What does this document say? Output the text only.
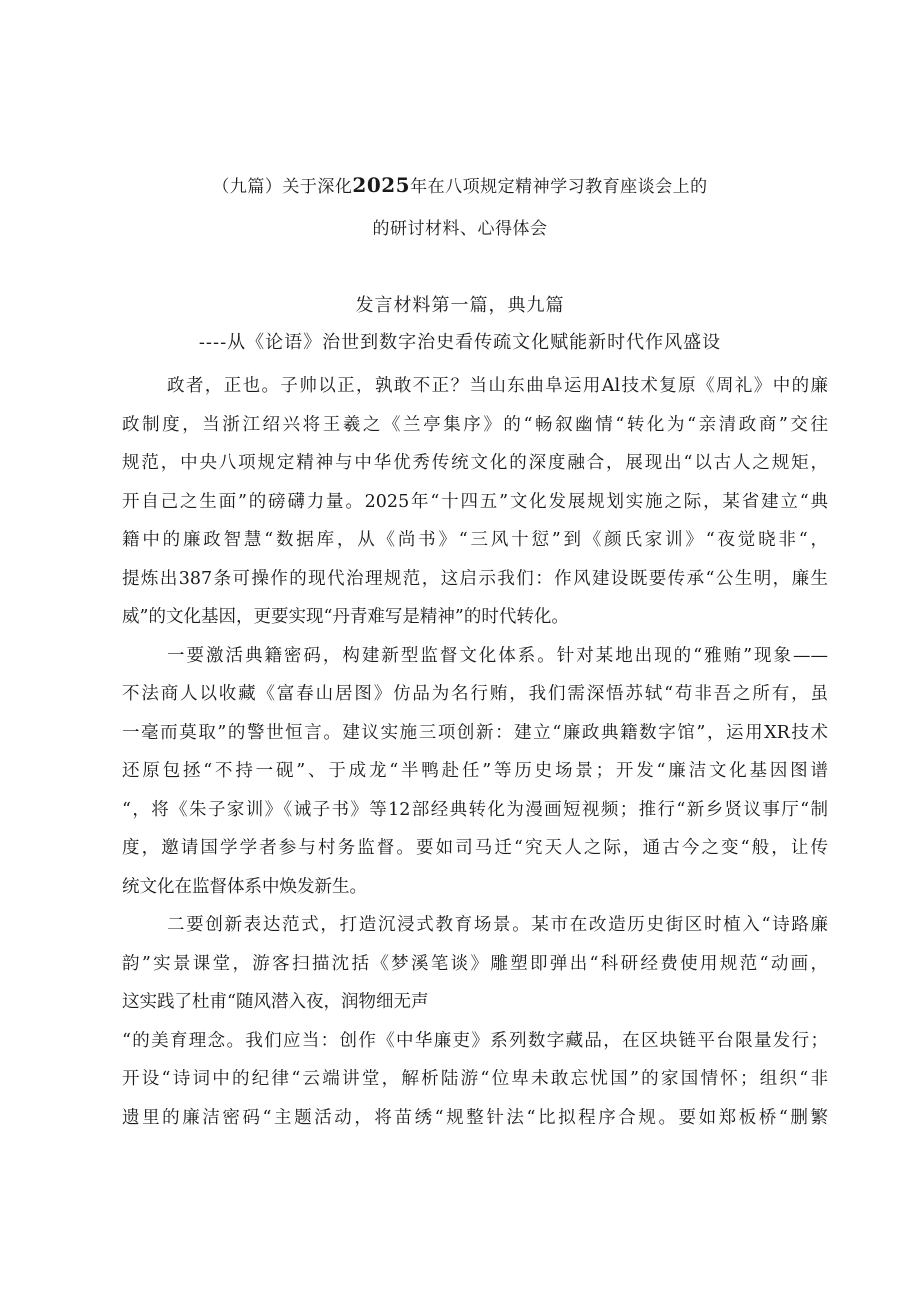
（九篇）关于深化2025年在八项规定精神学习教育座谈会上的
的研讨材料、心得体会
发言材料第一篇，典九篇
----从《论语》治世到数字治史看传疏文化赋能新时代作风盛设
政者，正也。子帅以正，孰敢不正？当山东曲阜运用Al技术复原《周礼》中的廉
政制度，当浙江绍兴将王羲之《兰亭集序》的“畅叙幽情“转化为“亲清政商”交往
规范，中央八项规定精神与中华优秀传统文化的深度融合，展现出“以古人之规矩，
开自己之生面”的磅礴力量。2025年“十四五”文化发展规划实施之际，某省建立“典
籍中的廉政智慧“数据库，从《尚书》“三风十愆”到《颜氏家训》“夜觉晓非“，
提炼出387条可操作的现代治理规范，这启示我们：作风建设既要传承“公生明，廉生
威”的文化基因，更要实现“丹青难写是精神”的时代转化。
一要激活典籍密码，构建新型监督文化体系。针对某地出现的“雅贿”现象——
不法商人以收藏《富春山居图》仿品为名行贿，我们需深悟苏轼“苟非吾之所有，虽
一毫而莫取”的警世恒言。建议实施三项创新：建立“廉政典籍数字馆”，运用XR技术
还原包拯“不持一砚”、于成龙“半鸭赴任”等历史场景；开发“廉洁文化基因图谱
“，将《朱子家训》《诫子书》等12部经典转化为漫画短视频；推行“新乡贤议事厅“制
度，邀请国学学者参与村务监督。要如司马迁“究天人之际，通古今之变“般，让传
统文化在监督体系中焕发新生。
二要创新表达范式，打造沉浸式教育场景。某市在改造历史街区时植入“诗路廉
韵”实景课堂，游客扫描沈括《梦溪笔谈》雕塑即弹出“科研经费使用规范“动画，
这实践了杜甫“随风潜入夜，润物细无声
“的美育理念。我们应当：创作《中华廉吏》系列数字藏品，在区块链平台限量发行；
开设“诗词中的纪律“云端讲堂，解析陆游“位卑未敢忘忧国”的家国情怀；组织“非
遗里的廉洁密码“主题活动，将苗绣“规整针法“比拟程序合规。要如郑板桥“删繁
